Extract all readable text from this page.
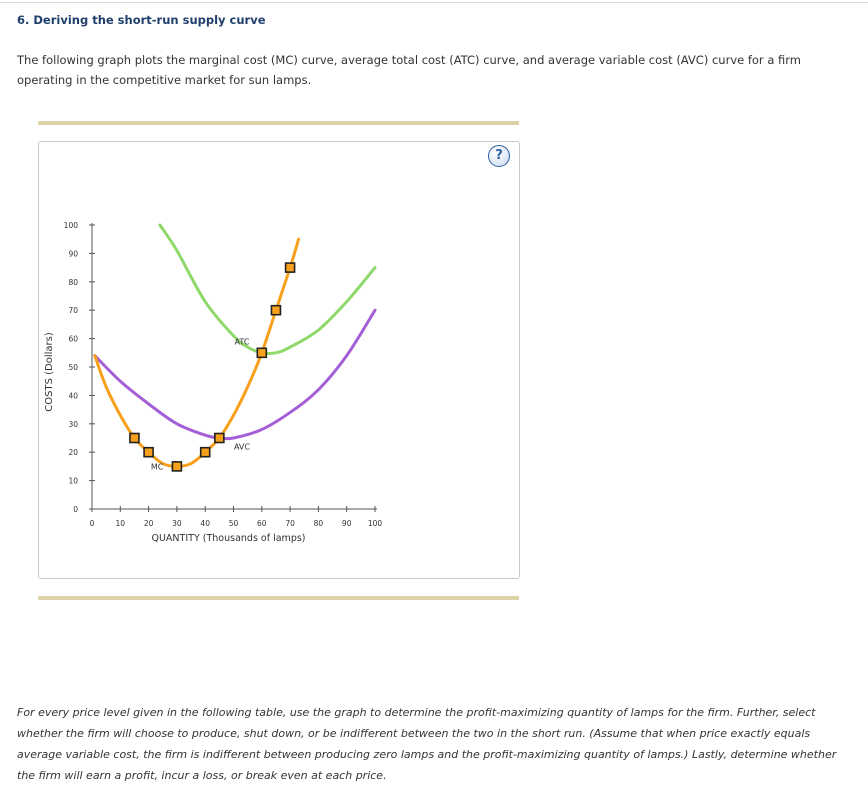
6. Deriving the short-run supply curve
The following graph plots the marginal cost (MC) curve, average total cost (ATC) curve, and average variable cost (AVC) curve for a firm operating in the competitive market for sun lamps.
?
0
10
20
30
40
50
60
70
80
90
100
0	10	20	30	40	50	60	70	80	90 100
QUANTITY (Thousands of lamps)
COSTS (Dollars)	ATC
AVC
MC
For every price level given in the following table, use the graph to determine the profit-maximizing quantity of lamps for the firm. Further, select whether the firm will choose to produce, shut down, or be indifferent between the two in the short run. (Assume that when price exactly equals average variable cost, the firm is indifferent between producing zero lamps and the profit-maximizing quantity of lamps.) Lastly, determine whether the firm will earn a profit, incur a loss, or break even at each price.
